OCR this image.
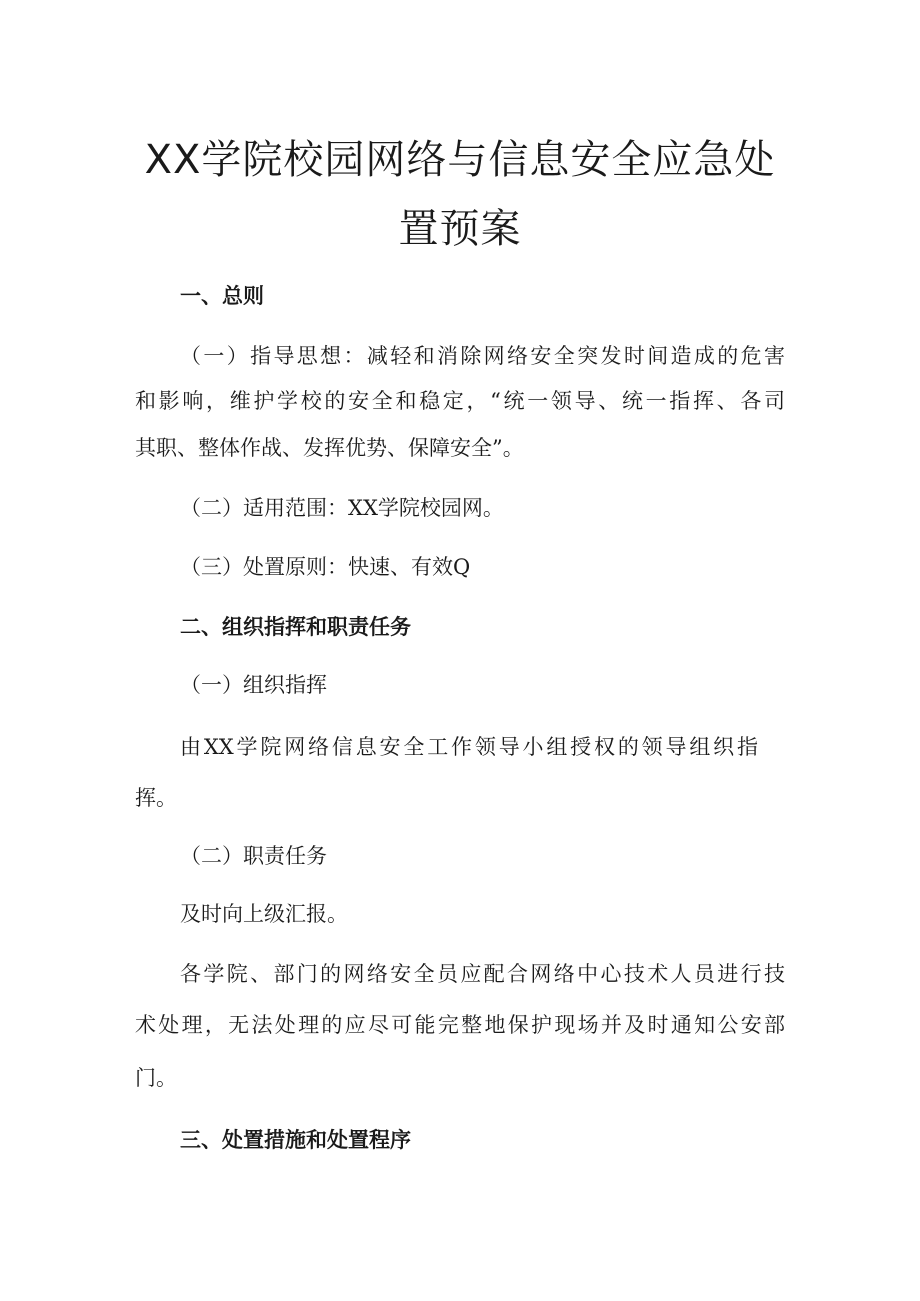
XX学院校园网络与信息安全应急处
置预案

一、总则

（一）指导思想：减轻和消除网络安全突发时间造成的危害

和影响，维护学校的安全和稳定，“统一领导、统一指挥、各司

其职、整体作战、发挥优势、保障安全”。

（二）适用范围：XX学院校园网。

（三）处置原则：快速、有效Q

二、组织指挥和职责任务

（一）组织指挥

由XX学院网络信息安全工作领导小组授权的领导组织指

挥。

（二）职责任务

及时向上级汇报。

各学院、部门的网络安全员应配合网络中心技术人员进行技

术处理，无法处理的应尽可能完整地保护现场并及时通知公安部

门。

三、处置措施和处置程序
